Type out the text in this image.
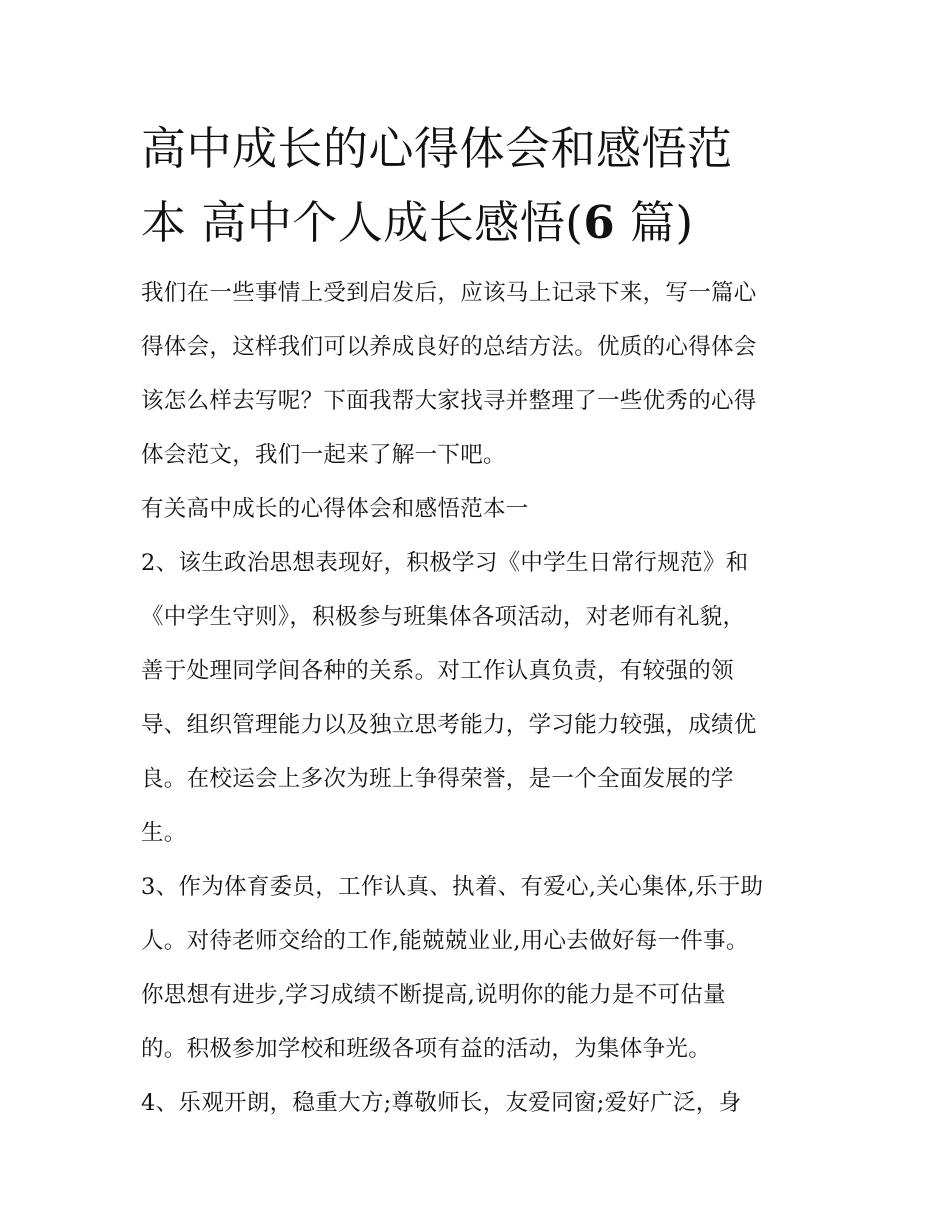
高中成长的心得体会和感悟范
本 高中个人成长感悟(6 篇)

我们在一些事情上受到启发后，应该马上记录下来，写一篇心
得体会，这样我们可以养成良好的总结方法。优质的心得体会
该怎么样去写呢？下面我帮大家找寻并整理了一些优秀的心得
体会范文，我们一起来了解一下吧。

有关高中成长的心得体会和感悟范本一

2、该生政治思想表现好，积极学习《中学生日常行规范》和
《中学生守则》，积极参与班集体各项活动，对老师有礼貌，
善于处理同学间各种的关系。对工作认真负责，有较强的领
导、组织管理能力以及独立思考能力，学习能力较强，成绩优
良。在校运会上多次为班上争得荣誉，是一个全面发展的学
生。

3、作为体育委员，工作认真、执着、有爱心,关心集体,乐于助
人。对待老师交给的工作,能兢兢业业,用心去做好每一件事。
你思想有进步,学习成绩不断提高,说明你的能力是不可估量
的。积极参加学校和班级各项有益的活动，为集体争光。

4、乐观开朗，稳重大方;尊敬师长，友爱同窗;爱好广泛，身
